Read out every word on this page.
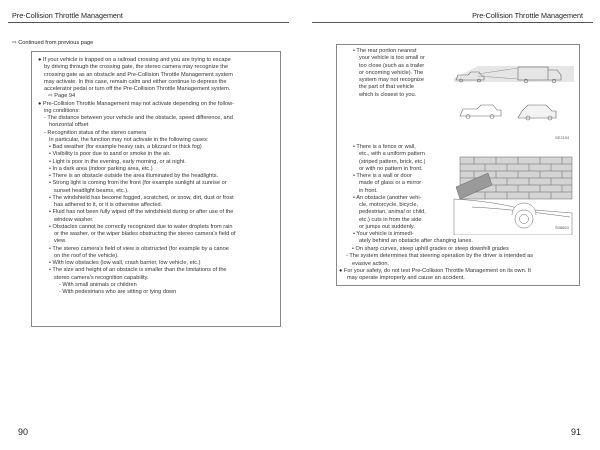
Pre-Collision Throttle Management	Pre-Collision Throttle Management
⇨ Continued from previous page
● If your vehicle is trapped on a railroad crossing and you are trying to escape
by driving through the crossing gate, the stereo camera may recognize the
crossing gate as an obstacle and Pre-Collision Throttle Management system
may activate. In this case, remain calm and either continue to depress the
accelerator pedal or turn off the Pre-Collision Throttle Management system.
⇨ Page 94
● Pre-Collision Throttle Management may not activate depending on the follow-
ing conditions:
- The distance between your vehicle and the obstacle, speed difference, and
horizontal offset
- Recognition status of the stereo camera
In particular, the function may not activate in the following cases:
• Bad weather (for example heavy rain, a blizzard or thick fog)
• Visibility is poor due to sand or smoke in the air.
• Light is poor in the evening, early morning, or at night.
• In a dark area (indoor parking area, etc.)
• There is an obstacle outside the area illuminated by the headlights.
• Strong light is coming from the front (for example sunlight at sunrise or
sunset headlight beams, etc.).
• The windshield has become fogged, scratched, or snow, dirt, dust or frost
has adhered to it, or it is otherwise affected.
• Fluid has not been fully wiped off the windshield during or after use of the
window washer.
• Obstacles cannot be correctly recognized due to water droplets from rain
or the washer, or the wiper blades obstructing the stereo camera's field of
view.
• The stereo camera's field of view is obstructed (for example by a canoe
on the roof of the vehicle).
• With low obstacles (low wall, crash barrier, low vehicle, etc.)
• The size and height of an obstacle is smaller than the limitations of the
stereo camera's recognition capability.
- With small animals or children
- With pedestrians who are sitting or lying down
• The rear portion nearest
your vehicle is too small or
too close (such as a trailer
or oncoming vehicle). The
system may not recognize
the part of that vehicle
which is closest to you.
SE2104
• There is a fence or wall,
etc., with a uniform pattern
(striped pattern, brick, etc.)
or with no pattern in front.
• There is a wall or door
made of glass or a mirror
in front.
• An obstacle (another vehi-
cle, motorcycle, bicycle,
pedestrian, animal or child,
etc.) cuts in from the side
or jumps out suddenly.
• Your vehicle is immedi-
ately behind an obstacle after changing lanes.
S08663
• On sharp curves, steep uphill grades or steep downhill grades
- The system determines that steering operation by the driver is intended as
evasive action.
● For your safety, do not test Pre-Collision Throttle Management on its own. It
may operate improperly and cause an accident.
90	91
